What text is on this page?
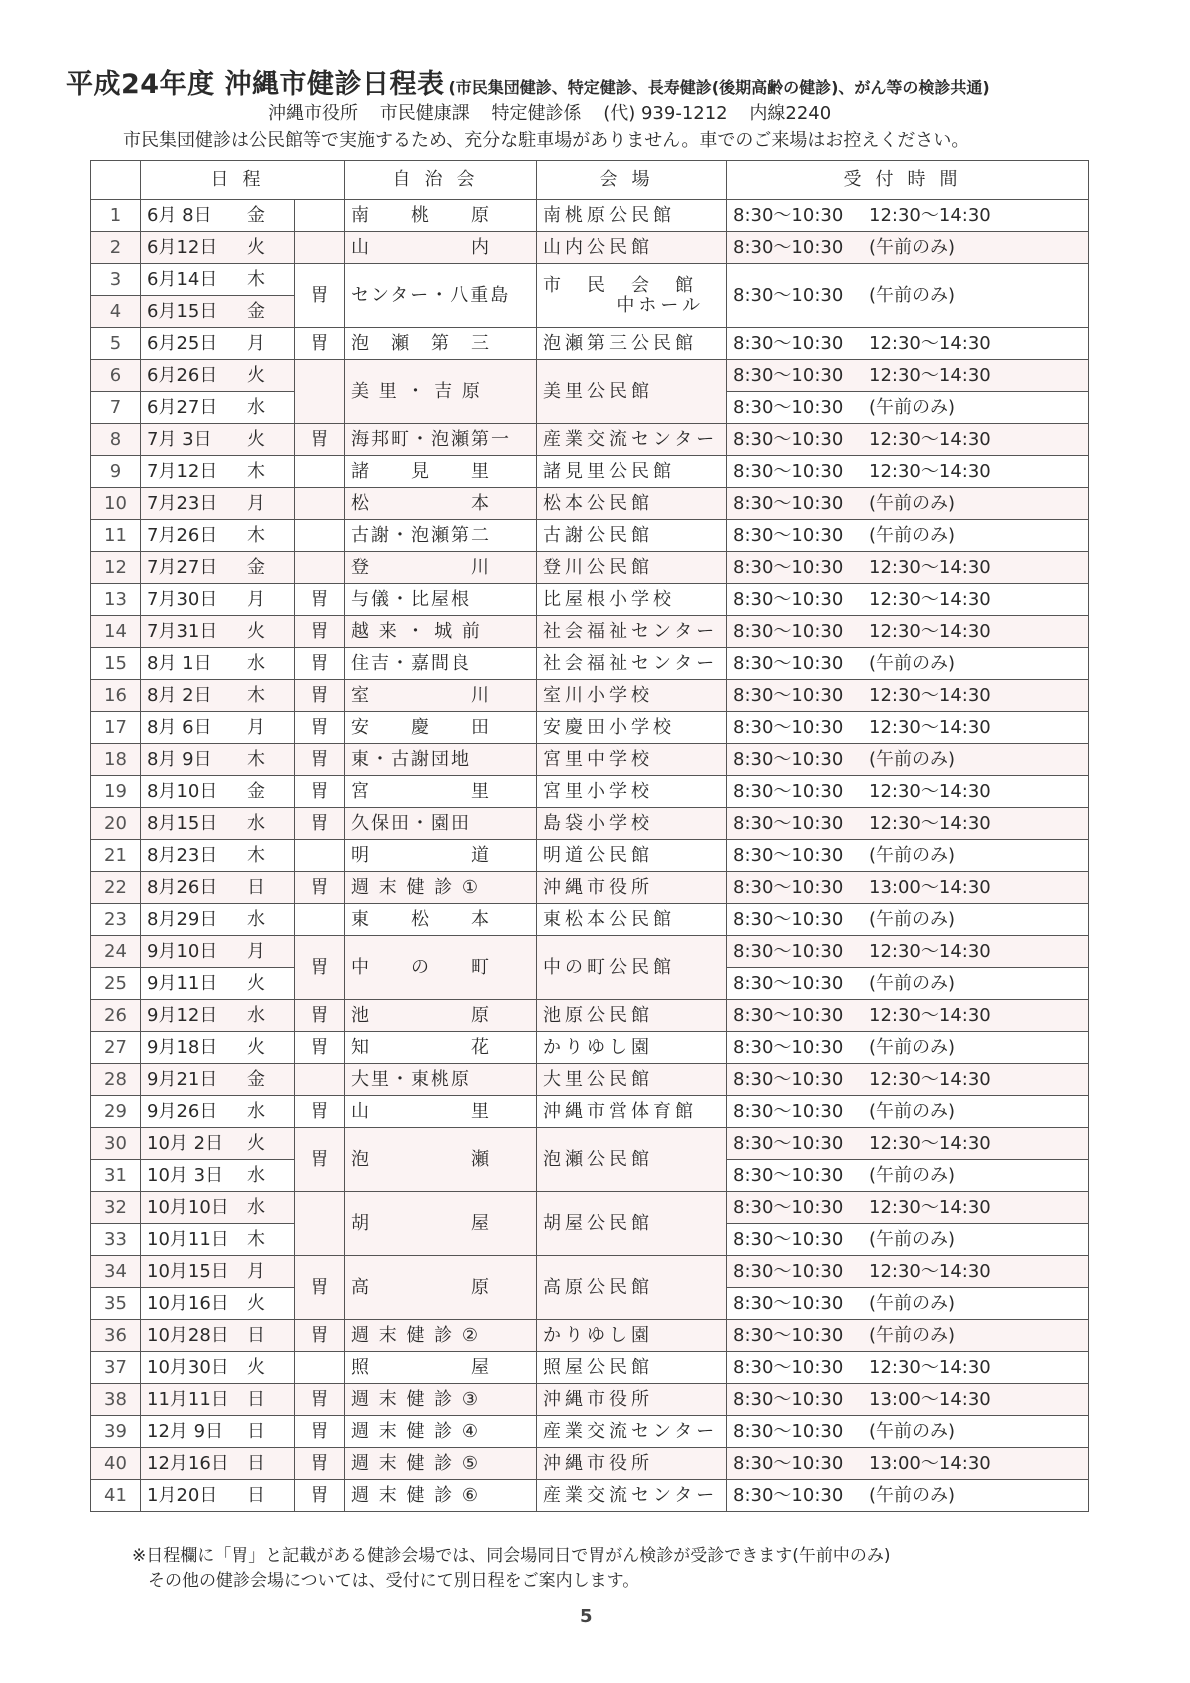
平成24年度 沖縄市健診日程表 (市民集団健診、特定健診、長寿健診(後期高齢の健診)、がん等の検診共通)
沖縄市役所 市民健康課 特定健診係 (代) 939-1212 内線2240
市民集団健診は公民館等で実施するため、充分な駐車場がありません。車でのご来場はお控えください。
	日程		自治会	会場	受付時間
1	6月 8日 金		南　　桃　　原	南桃原公民館	8:30〜10:30 12:30〜14:30
2	6月12日 火		山　　　　　内	山内公民館	8:30〜10:30 (午前のみ)
3	6月14日 木	胃	センター・八重島	市　民　会　館
中ホール	8:30〜10:30 (午前のみ)
4	6月15日 金				
5	6月25日 月	胃	泡　瀬　第　三	泡瀬第三公民館	8:30〜10:30 12:30〜14:30
6	6月26日 火		美 里 ・ 吉 原	美里公民館	8:30〜10:30 12:30〜14:30
7	6月27日 水				8:30〜10:30 (午前のみ)
8	7月 3日 火	胃	海邦町・泡瀬第一	産業交流センター	8:30〜10:30 12:30〜14:30
9	7月12日 木		諸　　見　　里	諸見里公民館	8:30〜10:30 12:30〜14:30
10	7月23日 月		松　　　　　本	松本公民館	8:30〜10:30 (午前のみ)
11	7月26日 木		古謝・泡瀬第二	古謝公民館	8:30〜10:30 (午前のみ)
12	7月27日 金		登　　　　　川	登川公民館	8:30〜10:30 12:30〜14:30
13	7月30日 月	胃	与儀・比屋根	比屋根小学校	8:30〜10:30 12:30〜14:30
14	7月31日 火	胃	越 来 ・ 城 前	社会福祉センター	8:30〜10:30 12:30〜14:30
15	8月 1日 水	胃	住吉・嘉間良	社会福祉センター	8:30〜10:30 (午前のみ)
16	8月 2日 木	胃	室　　　　　川	室川小学校	8:30〜10:30 12:30〜14:30
17	8月 6日 月	胃	安　　慶　　田	安慶田小学校	8:30〜10:30 12:30〜14:30
18	8月 9日 木	胃	東・古謝団地	宮里中学校	8:30〜10:30 (午前のみ)
19	8月10日 金	胃	宮　　　　　里	宮里小学校	8:30〜10:30 12:30〜14:30
20	8月15日 水	胃	久保田・園田	島袋小学校	8:30〜10:30 12:30〜14:30
21	8月23日 木		明　　　　　道	明道公民館	8:30〜10:30 (午前のみ)
22	8月26日 日	胃	週 末 健 診 ①	沖縄市役所	8:30〜10:30 13:00〜14:30
23	8月29日 水		東　　松　　本	東松本公民館	8:30〜10:30 (午前のみ)
24	9月10日 月	胃	中　　の　　町	中の町公民館	8:30〜10:30 12:30〜14:30
25	9月11日 火				8:30〜10:30 (午前のみ)
26	9月12日 水	胃	池　　　　　原	池原公民館	8:30〜10:30 12:30〜14:30
27	9月18日 火	胃	知　　　　　花	かりゆし園	8:30〜10:30 (午前のみ)
28	9月21日 金		大里・東桃原	大里公民館	8:30〜10:30 12:30〜14:30
29	9月26日 水	胃	山　　　　　里	沖縄市営体育館	8:30〜10:30 (午前のみ)
30	10月 2日 火	胃	泡　　　　　瀬	泡瀬公民館	8:30〜10:30 12:30〜14:30
31	10月 3日 水				8:30〜10:30 (午前のみ)
32	10月10日 水		胡　　　　　屋	胡屋公民館	8:30〜10:30 12:30〜14:30
33	10月11日 木				8:30〜10:30 (午前のみ)
34	10月15日 月	胃	高　　　　　原	高原公民館	8:30〜10:30 12:30〜14:30
35	10月16日 火				8:30〜10:30 (午前のみ)
36	10月28日 日	胃	週 末 健 診 ②	かりゆし園	8:30〜10:30 (午前のみ)
37	10月30日 火		照　　　　　屋	照屋公民館	8:30〜10:30 12:30〜14:30
38	11月11日 日	胃	週 末 健 診 ③	沖縄市役所	8:30〜10:30 13:00〜14:30
39	12月 9日 日	胃	週 末 健 診 ④	産業交流センター	8:30〜10:30 (午前のみ)
40	12月16日 日	胃	週 末 健 診 ⑤	沖縄市役所	8:30〜10:30 13:00〜14:30
41	1月20日 日	胃	週 末 健 診 ⑥	産業交流センター	8:30〜10:30 (午前のみ)
※日程欄に「胃」と記載がある健診会場では、同会場同日で胃がん検診が受診できます(午前中のみ)
その他の健診会場については、受付にて別日程をご案内します。
5
